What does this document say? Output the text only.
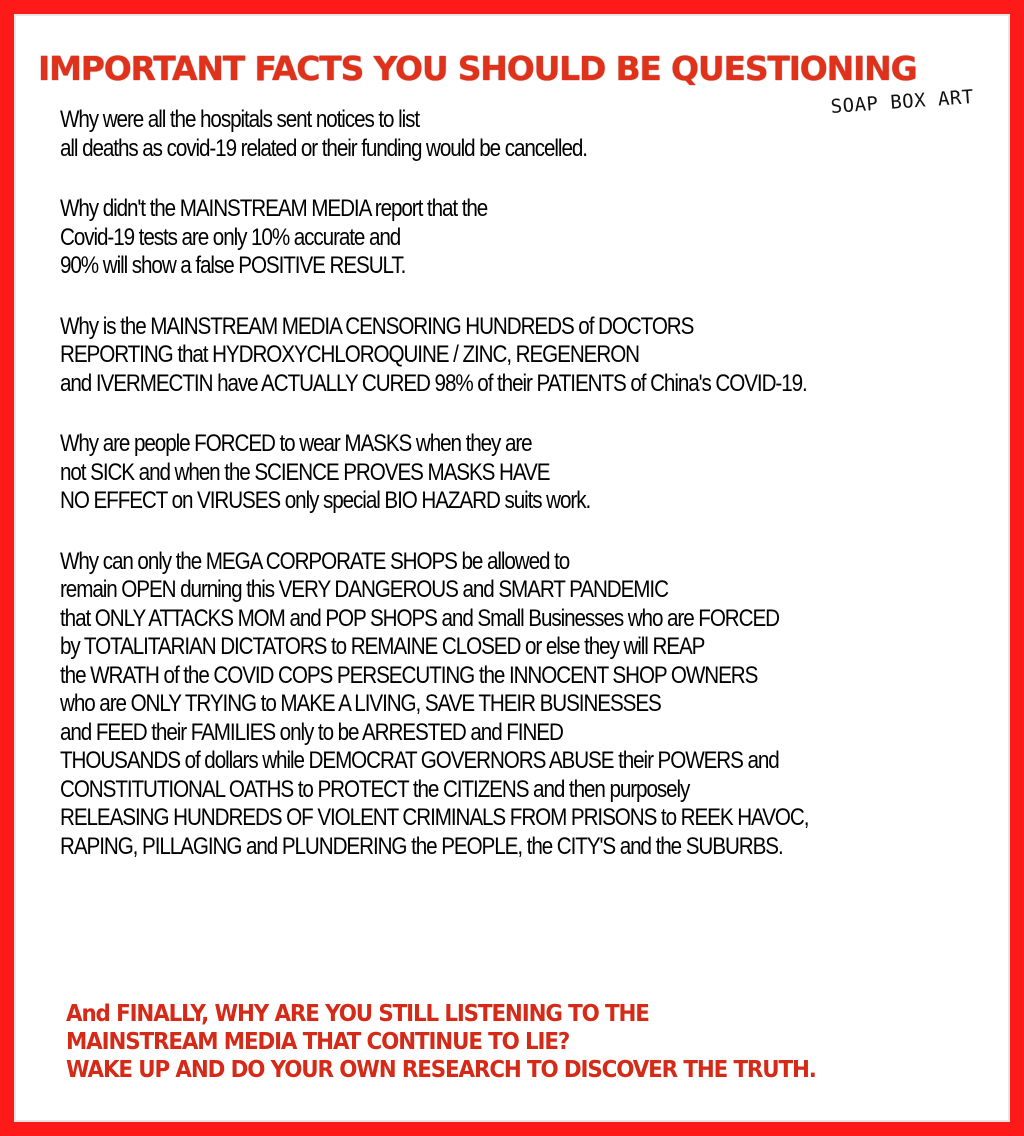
IMPORTANT FACTS YOU SHOULD BE QUESTIONING
SOAP BOX ART
Why were all the hospitals sent notices to list
all deaths as covid-19 related or their funding would be cancelled.
Why didn't the MAINSTREAM MEDIA report that the
Covid-19 tests are only 10% accurate and
90% will show a false POSITIVE RESULT.
Why is the MAINSTREAM MEDIA CENSORING HUNDREDS of DOCTORS
REPORTING that HYDROXYCHLOROQUINE / ZINC, REGENERON
and IVERMECTIN have ACTUALLY CURED 98% of their PATIENTS of China's COVID-19.
Why are people FORCED to wear MASKS when they are
not SICK and when the SCIENCE PROVES MASKS HAVE
NO EFFECT on VIRUSES only special BIO HAZARD suits work.
Why can only the MEGA CORPORATE SHOPS be allowed to
remain OPEN durning this VERY DANGEROUS and SMART PANDEMIC
that ONLY ATTACKS MOM and POP SHOPS and Small Businesses who are FORCED
by TOTALITARIAN DICTATORS to REMAINE CLOSED or else they will REAP
the WRATH of the COVID COPS PERSECUTING the INNOCENT SHOP OWNERS
who are ONLY TRYING to MAKE A LIVING, SAVE THEIR BUSINESSES
and FEED their FAMILIES only to be ARRESTED and FINED
THOUSANDS of dollars while DEMOCRAT GOVERNORS ABUSE their POWERS and
CONSTITUTIONAL OATHS to PROTECT the CITIZENS and then purposely
RELEASING HUNDREDS OF VIOLENT CRIMINALS FROM PRISONS to REEK HAVOC,
RAPING, PILLAGING and PLUNDERING the PEOPLE, the CITY'S and the SUBURBS.
And FINALLY, WHY ARE YOU STILL LISTENING TO THE
MAINSTREAM MEDIA THAT CONTINUE TO LIE?
WAKE UP AND DO YOUR OWN RESEARCH TO DISCOVER THE TRUTH.
